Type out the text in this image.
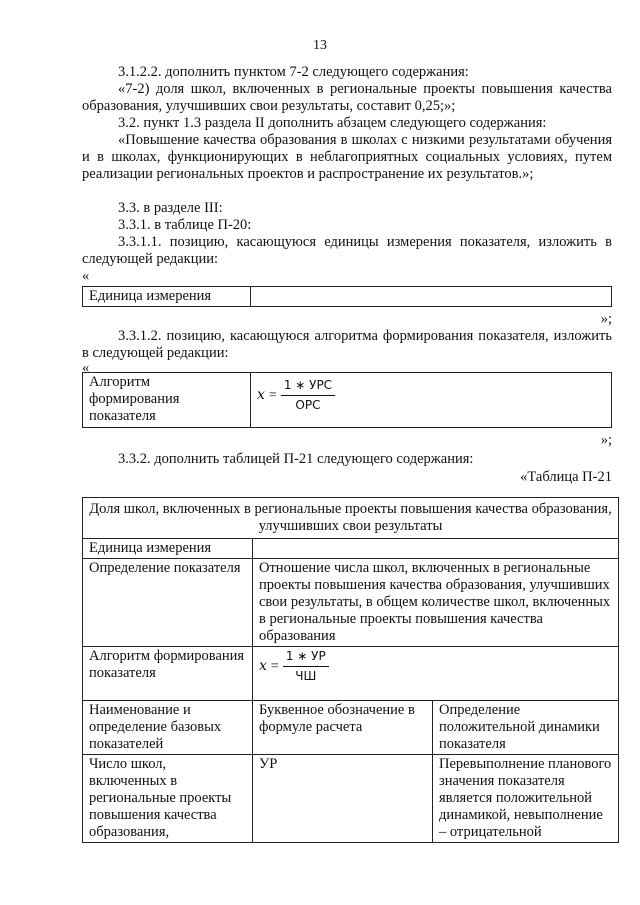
13
3.1.2.2. дополнить пунктом 7-2 следующего содержания:
«7-2) доля школ, включенных в региональные проекты повышения качества образования, улучшивших свои результаты, составит 0,25;»;
3.2. пункт 1.3 раздела II дополнить абзацем следующего содержания:
«Повышение качества образования в школах с низкими результатами обучения и в школах, функционирующих в неблагоприятных социальных условиях, путем реализации региональных проектов и распространение их результатов.»;
3.3. в разделе III:
3.3.1. в таблице П-20:
3.3.1.1. позицию, касающуюся единицы измерения показателя, изложить в следующей редакции:
«
Единица измерения	
»;
3.3.1.2. позицию, касающуюся алгоритма формирования показателя, изложить в следующей редакции:
«
Алгоритм формирования показателя	$x = \frac{\text{1 ∗ УРС}}{\text{ОРС}}$
»;
3.3.2. дополнить таблицей П-21 следующего содержания:
«Таблица П-21
Доля школ, включенных в региональные проекты повышения качества образования, улучшивших свои результаты		
Единица измерения		
Определение показателя	Отношение числа школ, включенных в региональные проекты повышения качества образования, улучшивших свои результаты, в общем количестве школ, включенных в региональные проекты повышения качества образования	
Алгоритм формирования показателя	$x = \frac{1 ∗ УР}{ЧШ}$

Наименование и определение базовых показателей	Буквенное обозначение в формуле расчета	Определение положительной динамики показателя
Число школ, включенных в региональные проекты повышения качества образования,	УР	Перевыполнение планового значения показателя является положительной динамикой, невыполнение – отрицательной
